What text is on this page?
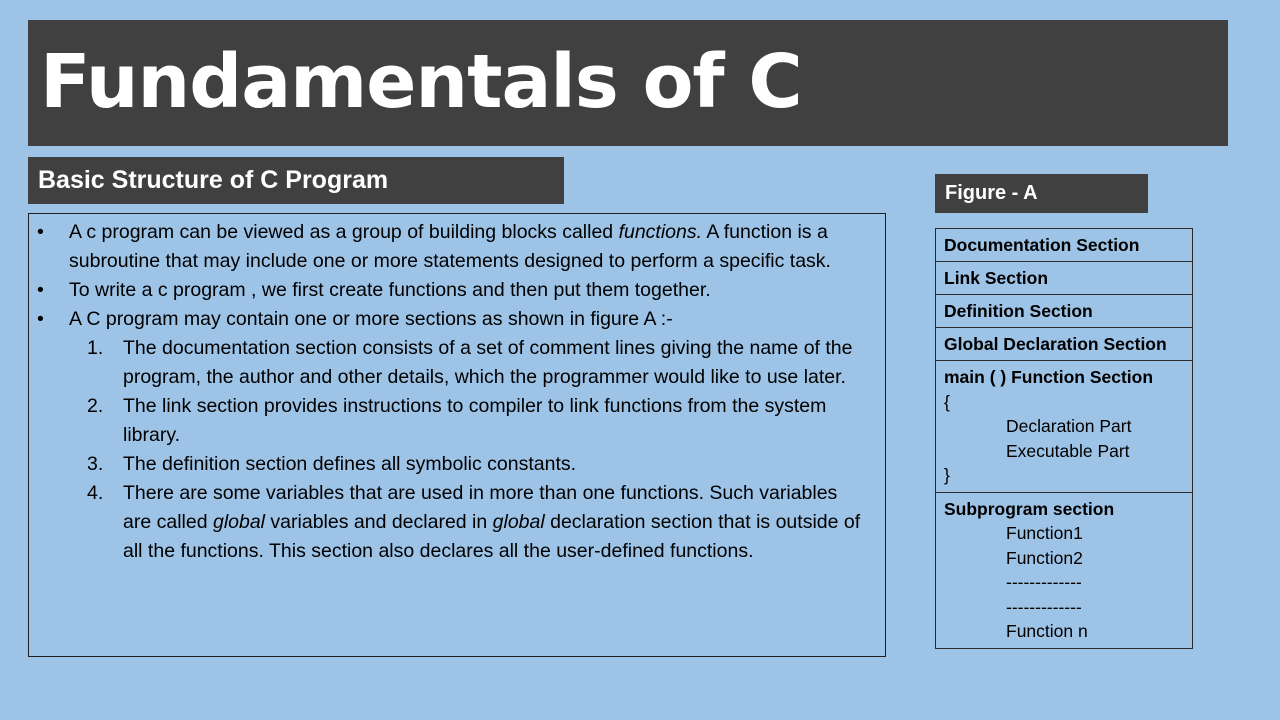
Fundamentals of C
Basic Structure of C Program
• A c program can be viewed as a group of building blocks called functions. A function is a subroutine that may include one or more statements designed to perform a specific task.
• To write a c program , we first create functions and then put them together.
• A C program may contain one or more sections as shown in figure A :-
1. The documentation section consists of a set of comment lines giving the name of the program, the author and other details, which the programmer would like to use later.
2. The link section provides instructions to compiler to link functions from the system library.
3. The definition section defines all symbolic constants.
4. There are some variables that are used in more than one functions. Such variables are called global variables and declared in global declaration section that is outside of all the functions. This section also declares all the user-defined functions.
Figure - A
Documentation Section
Link Section
Definition Section
Global Declaration Section
main ( ) Function Section
{
Declaration Part
Executable Part
}
Subprogram section
Function1
Function2
-------------
-------------
Function n
